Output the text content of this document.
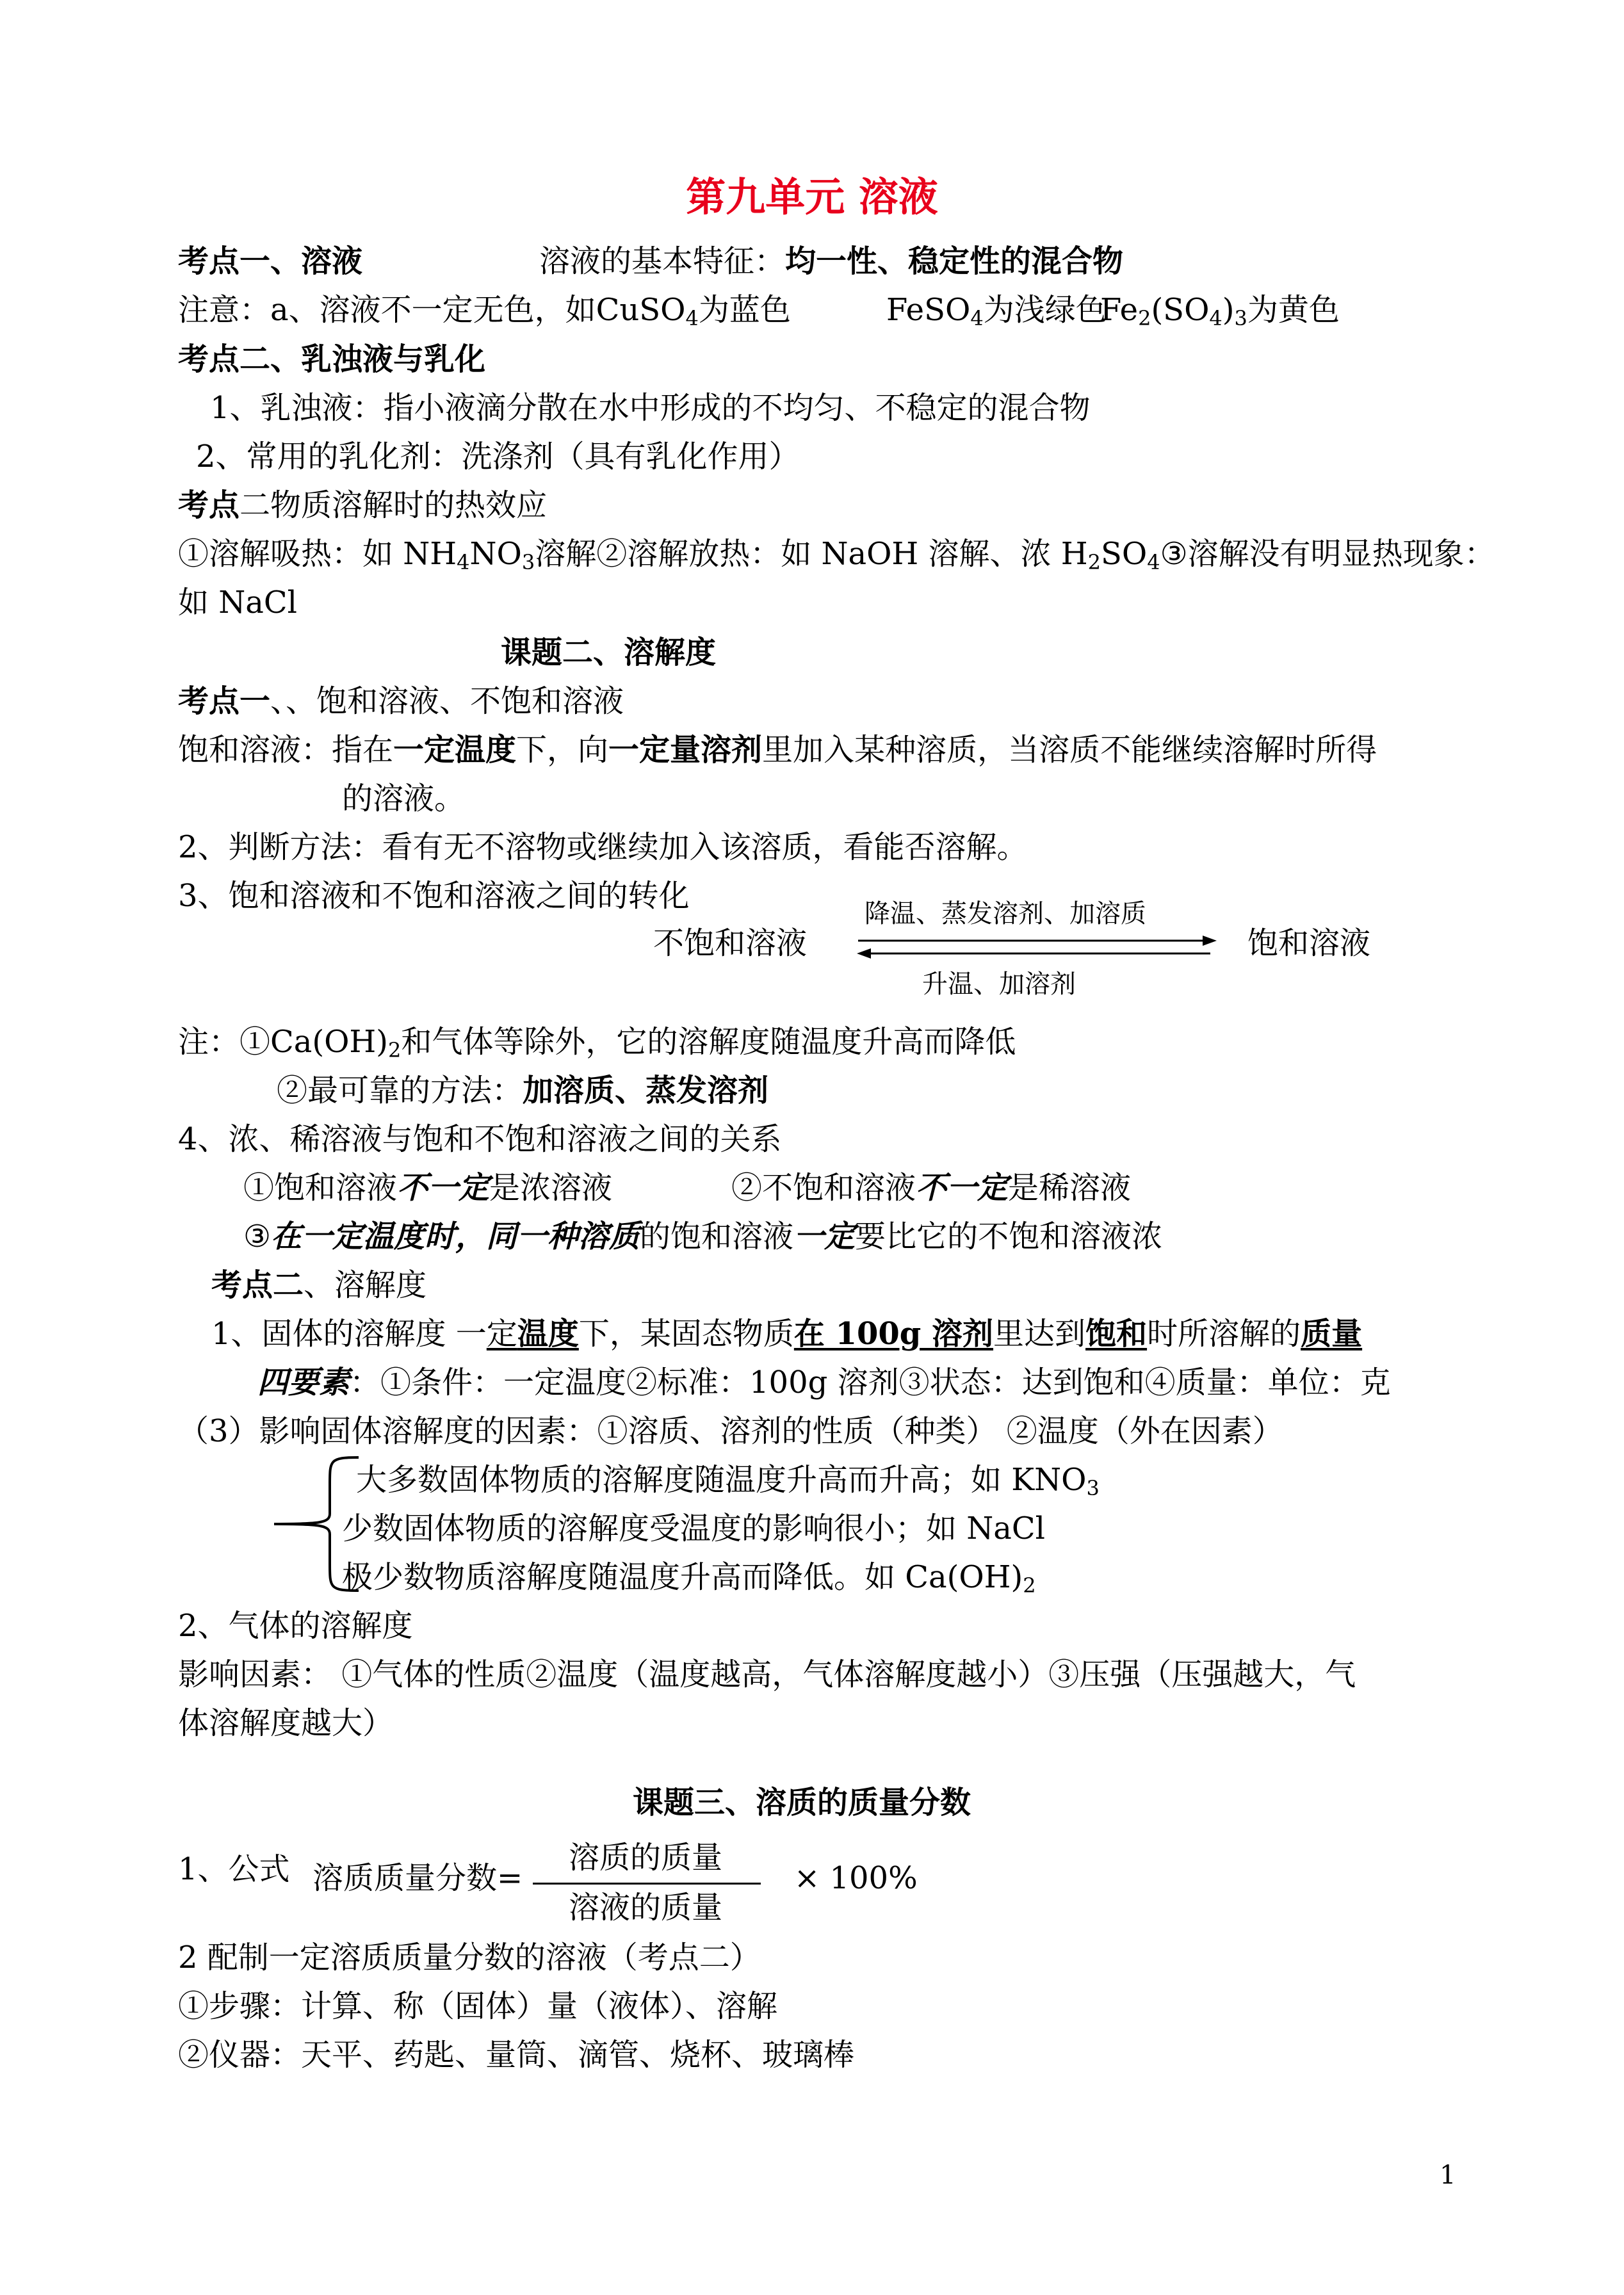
第九单元 溶液
考点一、溶液	溶液的基本特征：均一性、稳定性的混合物
注意：a、溶液不一定无色，如CuSO$_4$为蓝色	FeSO$_4$为浅绿色
$Fe_2(SO_4)_3$为黄色
考点二、乳浊液与乳化
1、乳浊液：指小液滴分散在水中形成的不均匀、不稳定的混合物
2、常用的乳化剂：洗涤剂（具有乳化作用）
考点二物质溶解时的热效应
①溶解吸热：如 $NH_4NO_3$溶解②溶解放热：如 NaOH 溶解、浓 $H_2SO_4③$溶解没有明显热现象：
如 NaCl
课题二、溶解度
考点一、、饱和溶液、不饱和溶液
饱和溶液：指在一定温度下，向一定量溶剂里加入某种溶质，当溶质不能继续溶解时所得
的溶液。
2、判断方法：看有无不溶物或继续加入该溶质，看能否溶解。
3、饱和溶液和不饱和溶液之间的转化
不饱和溶液	饱和溶液
降温、蒸发溶剂、加溶质
升温、加溶剂
注：$①Ca(OH)_2$和气体等除外，它的溶解度随温度升高而降低
②最可靠的方法：加溶质、蒸发溶剂
4、浓、稀溶液与饱和不饱和溶液之间的关系
①饱和溶液不一定是浓溶液	②不饱和溶液不一定是稀溶液
③在一定温度时，同一种溶质的饱和溶液一定要比它的不饱和溶液浓
考点二、溶解度
1、固体的溶解度 一定温度下，某固态物质在 100g 溶剂里达到饱和时所溶解的质量
四要素：①条件：一定温度②标准：100g 溶剂③状态：达到饱和④质量：单位：克
（3）影响固体溶解度的因素：①溶质、溶剂的性质（种类） ②温度（外在因素）
大多数固体物质的溶解度随温度升高而升高；如 $KNO_3$
少数固体物质的溶解度受温度的影响很小；如 NaCl
极少数物质溶解度随温度升高而降低。如 $Ca(OH)_2$
2、气体的溶解度
影响因素： ①气体的性质②温度（温度越高，气体溶解度越小）③压强（压强越大，气
体溶解度越大）
课题三、溶质的质量分数
1、公式 溶质质量分数=
溶质的质量
溶液的质量
× 100%
2 配制一定溶质质量分数的溶液（考点二）
①步骤：计算、称（固体）量（液体）、溶解
②仪器：天平、药匙、量筒、滴管、烧杯、玻璃棒
1
